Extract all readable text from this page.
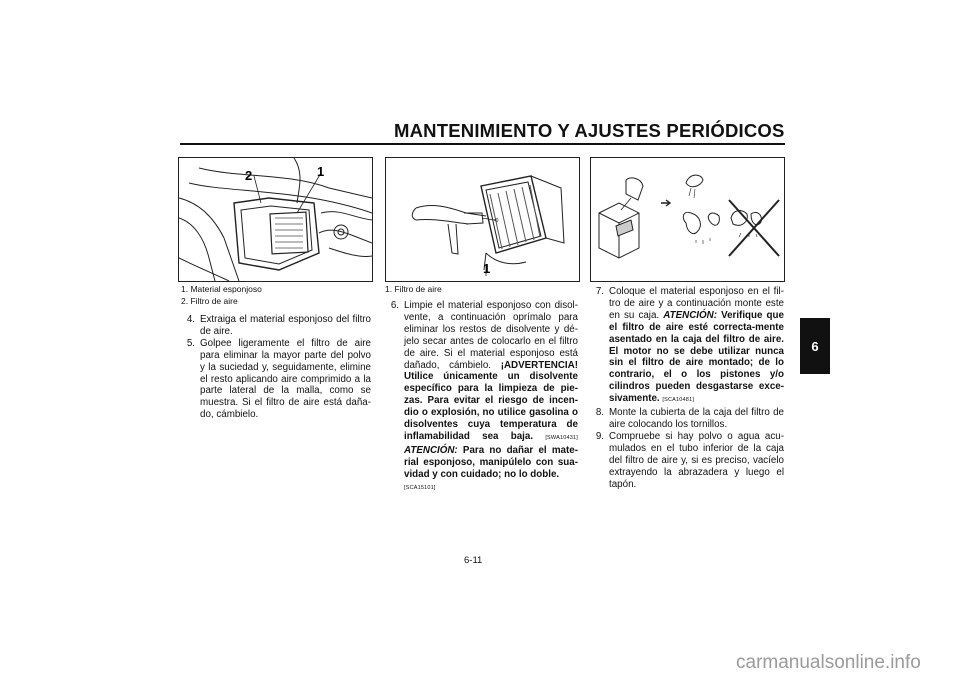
MANTENIMIENTO Y AJUSTES PERIÓDICOS
6
2	1
1. Material esponjoso
2. Filtro de aire
1
1. Filtro de aire
4. Extraiga el material esponjoso del filtro de aire.
5. Golpee ligeramente el filtro de aire para eliminar la mayor parte del polvo y la suciedad y, seguidamente, elimine el resto aplicando aire comprimido a la parte lateral de la malla, como se muestra. Si el filtro de aire está daña-do, cámbielo.
6. Limpie el material esponjoso con disol-vente, a continuación oprímalo para eliminar los restos de disolvente y dé-jelo secar antes de colocarlo en el filtro de aire. Si el material esponjoso está dañado, cámbielo. ¡ADVERTENCIA! Utilice únicamente un disolvente específico para la limpieza de pie-zas. Para evitar el riesgo de incen-dio o explosión, no utilice gasolina o disolventes cuya temperatura de inflamabilidad sea baja. [SWA10431] ATENCIÓN: Para no dañar el mate-rial esponjoso, manipúlelo con sua-vidad y con cuidado; no lo doble.
[SCA15101]
7. Coloque el material esponjoso en el fil-tro de aire y a continuación monte este en su caja. ATENCIÓN: Verifique que el filtro de aire esté correcta-mente asentado en la caja del filtro de aire. El motor no se debe utilizar nunca sin el filtro de aire montado; de lo contrario, el o los pistones y/o cilindros pueden desgastarse exce-sivamente. [SCA10481]
8. Monte la cubierta de la caja del filtro de aire colocando los tornillos.
9. Compruebe si hay polvo o agua acu-mulados en el tubo inferior de la caja del filtro de aire y, si es preciso, vacíelo extrayendo la abrazadera y luego el tapón.
6-11
carmanualsonline.info
